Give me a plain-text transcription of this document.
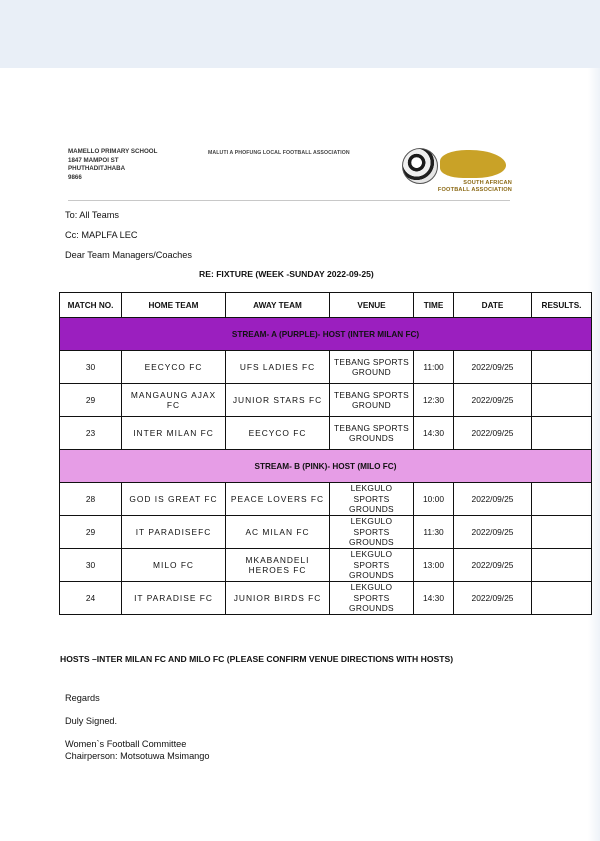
MAMELLO PRIMARY SCHOOL
1847 MAMPOI ST
PHUTHADITJHABA
9866
MALUTI A PHOFUNG LOCAL FOOTBALL ASSOCIATION
SOUTH AFRICAN
FOOTBALL ASSOCIATION
To: All Teams
Cc: MAPLFA LEC
Dear Team Managers/Coaches
RE: FIXTURE (WEEK -SUNDAY 2022-09-25)
MATCH NO.	HOME TEAM	AWAY TEAM	VENUE	TIME	DATE	RESULTS.
STREAM- A (PURPLE)- HOST (INTER MILAN FC)						
30	EECYCO FC	UFS LADIES FC	TEBANG SPORTS GROUND	11:00	2022/09/25	
29	MANGAUNG AJAX FC	JUNIOR STARS FC	TEBANG SPORTS GROUND	12:30	2022/09/25	
23	INTER MILAN FC	EECYCO FC	TEBANG SPORTS GROUNDS	14:30	2022/09/25	
STREAM- B (PINK)- HOST (MILO FC)						
28	GOD IS GREAT FC	PEACE LOVERS FC	LEKGULO SPORTS GROUNDS	10:00	2022/09/25	
29	IT PARADISEFC	AC MILAN FC	LEKGULO SPORTS GROUNDS	11:30	2022/09/25	
30	MILO FC	MKABANDELI HEROES FC	LEKGULO SPORTS GROUNDS	13:00	2022/09/25	
24	IT PARADISE FC	JUNIOR BIRDS FC	LEKGULO SPORTS GROUNDS	14:30	2022/09/25	
HOSTS –INTER MILAN FC AND MILO FC (PLEASE CONFIRM VENUE DIRECTIONS WITH HOSTS)
Regards
Duly Signed.
Women`s Football Committee
Chairperson: Motsotuwa Msimango
